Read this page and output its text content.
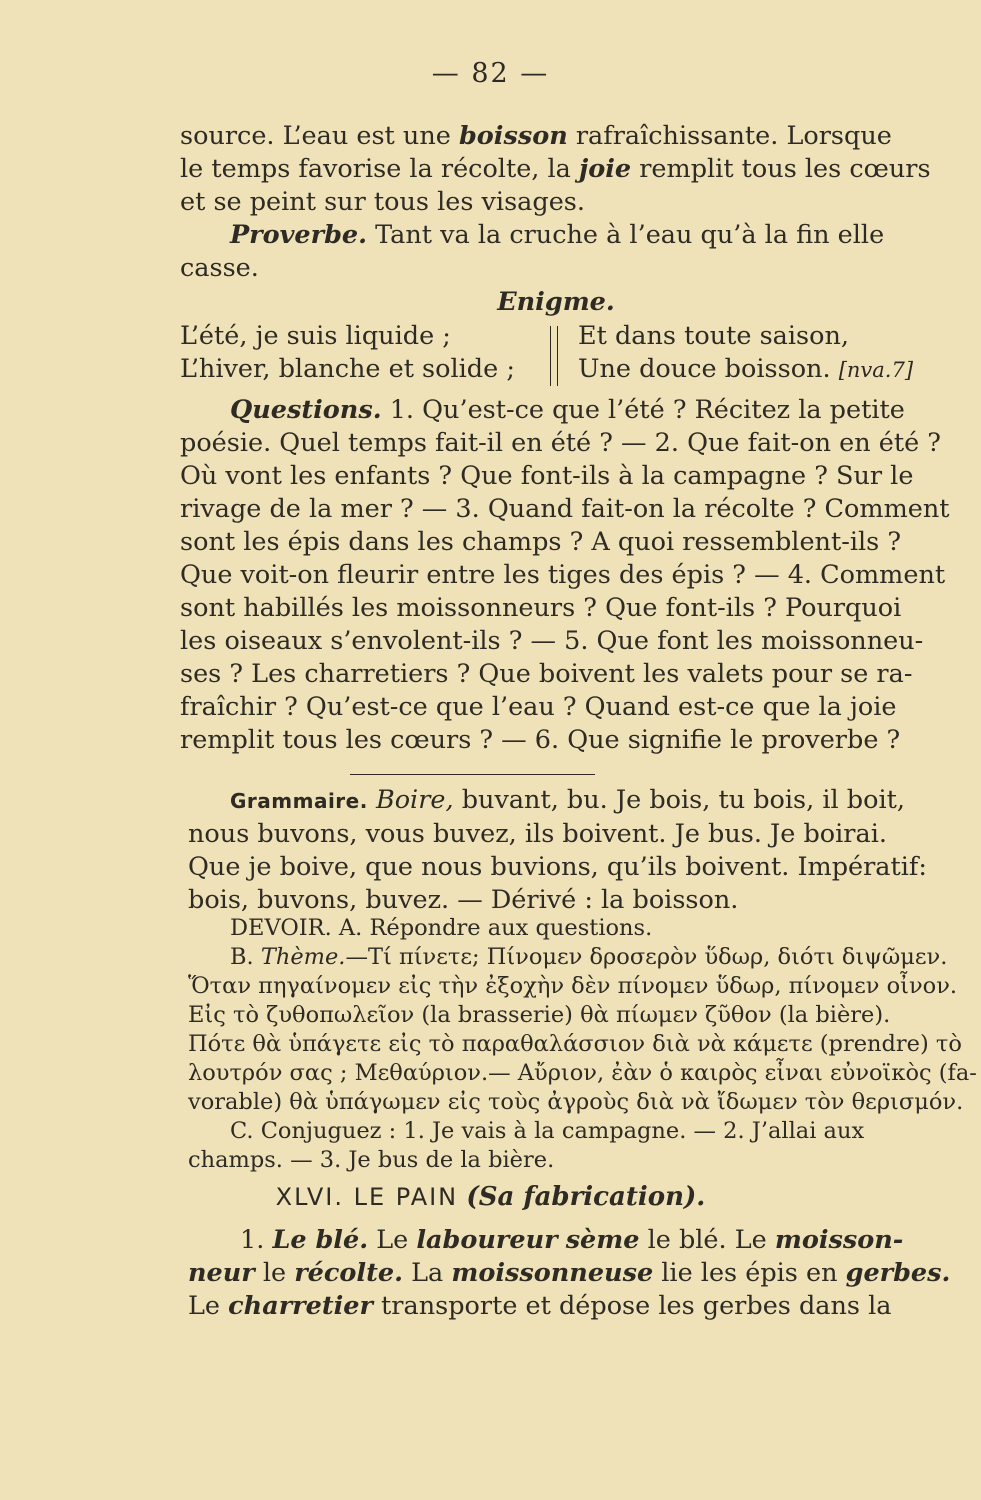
— 82 —
source. L’eau est une boisson rafraîchissante. Lorsque
le temps favorise la récolte, la joie remplit tous les cœurs
et se peint sur tous les visages.
Proverbe. Tant va la cruche à l’eau qu’à la fin elle
casse.
Enigme.
L’été, je suis liquide ;
L’hiver, blanche et solide ;
Et dans toute saison,
Une douce boisson. [nva.7]
Questions. 1. Qu’est-ce que l’été ? Récitez la petite
poésie. Quel temps fait-il en été ? — 2. Que fait-on en été ?
Où vont les enfants ? Que font-ils à la campagne ? Sur le
rivage de la mer ? — 3. Quand fait-on la récolte ? Comment
sont les épis dans les champs ? A quoi ressemblent-ils ?
Que voit-on fleurir entre les tiges des épis ? — 4. Comment
sont habillés les moissonneurs ? Que font-ils ? Pourquoi
les oiseaux s’envolent-ils ? — 5. Que font les moissonneu-
ses ? Les charretiers ? Que boivent les valets pour se ra-
fraîchir ? Qu’est-ce que l’eau ? Quand est-ce que la joie
remplit tous les cœurs ? — 6. Que signifie le proverbe ?
Grammaire. Boire, buvant, bu. Je bois, tu bois, il boit,
nous buvons, vous buvez, ils boivent. Je bus. Je boirai.
Que je boive, que nous buvions, qu’ils boivent. Impératif:
bois, buvons, buvez. — Dérivé : la boisson.
DEVOIR. A. Répondre aux questions.
B. Thème.—Τί πίνετε; Πίνομεν δροσερὸν ὕδωρ, διότι διψῶμεν.
Ὅταν πηγαίνομεν εἰς τὴν ἐξοχὴν δὲν πίνομεν ὕδωρ, πίνομεν οἶνον.
Εἰς τὸ ζυθοπωλεῖον (la brasserie) θὰ πίωμεν ζῦθον (la bière).
Πότε θὰ ὑπάγετε εἰς τὸ παραθαλάσσιον διὰ νὰ κάμετε (prendre) τὸ
λουτρόν σας ; Μεθαύριον.— Αὔριον, ἐὰν ὁ καιρὸς εἶναι εὐνοϊκὸς (fa-
vorable) θὰ ὑπάγωμεν εἰς τοὺς ἀγροὺς διὰ νὰ ἴδωμεν τὸν θερισμόν.
C. Conjuguez : 1. Je vais à la campagne. — 2. J’allai aux
champs. — 3. Je bus de la bière.
XLVI. LE PAIN (Sa fabrication).
1. Le blé. Le laboureur sème le blé. Le moisson-
neur le récolte. La moissonneuse lie les épis en gerbes.
Le charretier transporte et dépose les gerbes dans la
